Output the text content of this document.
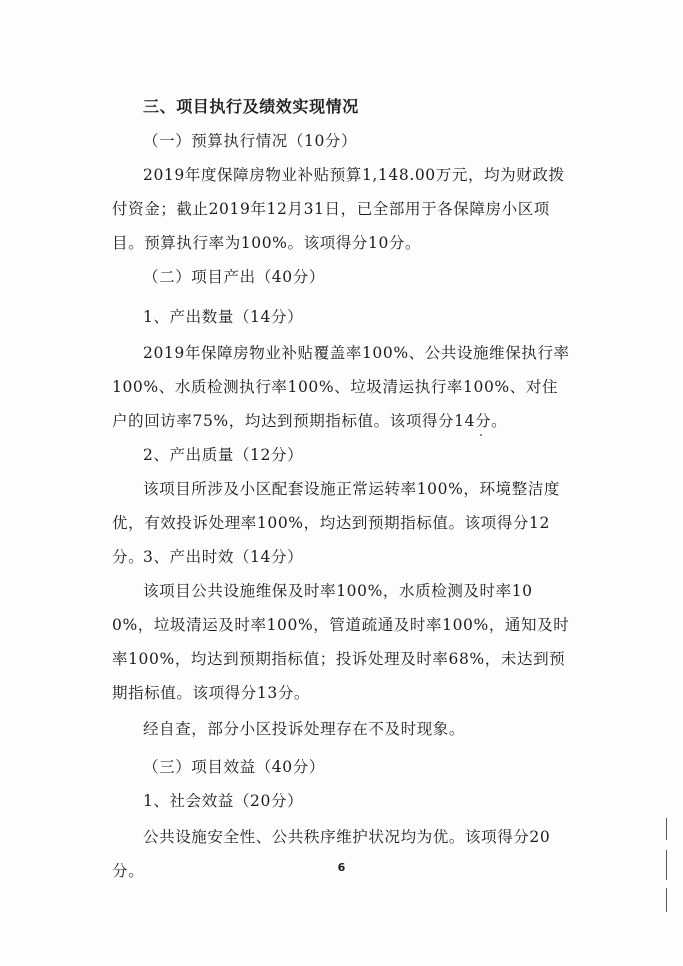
三、项目执行及绩效实现情况

（一）预算执行情况（10分）

2019年度保障房物业补贴预算1,148.00万元，均为财政拨付资金；截止2019年12月31日，已全部用于各保障房小区项目。预算执行率为100%。该项得分10分。

（二）项目产出（40分）

1、产出数量（14分）

2019年保障房物业补贴覆盖率100%、公共设施维保执行率100%、水质检测执行率100%、垃圾清运执行率100%、对住户的回访率75%，均达到预期指标值。该项得分14分。

2、产出质量（12分）

该项目所涉及小区配套设施正常运转率100%，环境整洁度优，有效投诉处理率100%，均达到预期指标值。该项得分12分。

3、产出时效（14分）

该项目公共设施维保及时率100%，水质检测及时率100%，垃圾清运及时率100%，管道疏通及时率100%，通知及时率100%，均达到预期指标值；投诉处理及时率68%，未达到预期指标值。该项得分13分。

经自查，部分小区投诉处理存在不及时现象。

（三）项目效益（40分）

1、社会效益（20分）

公共设施安全性、公共秩序维护状况均为优。该项得分20分。	6
